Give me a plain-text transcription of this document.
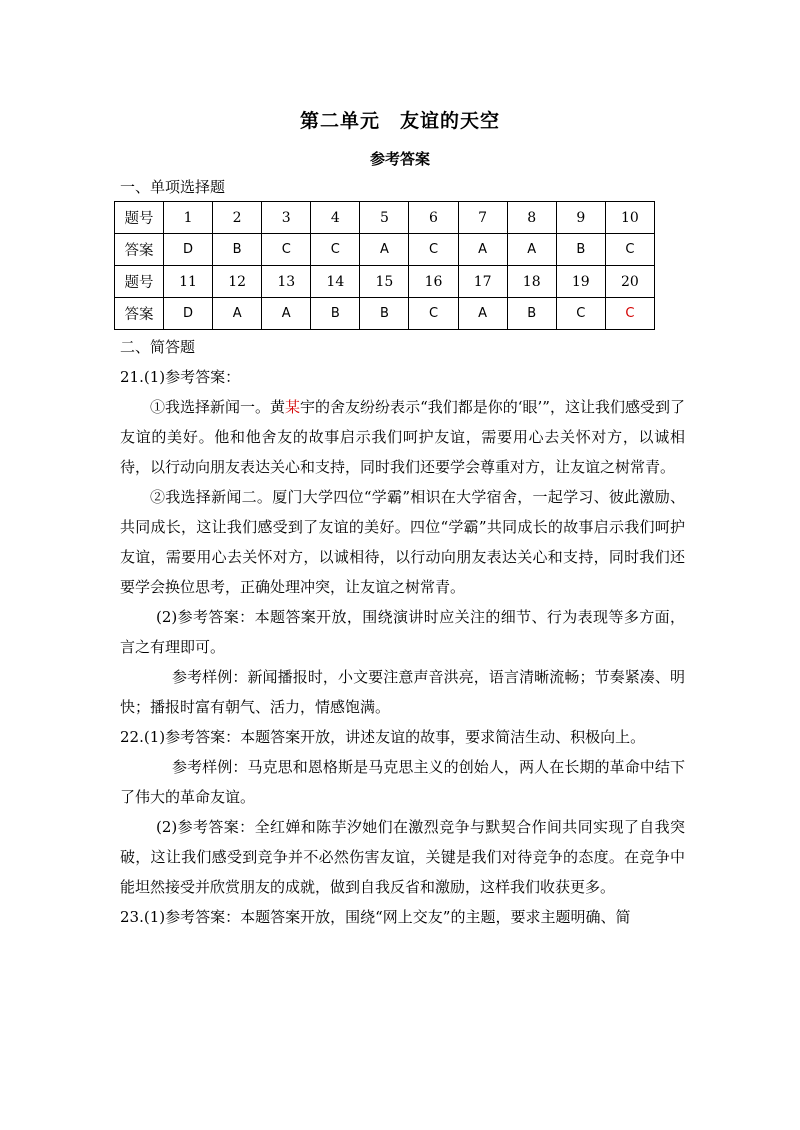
第二单元　友谊的天空
参考答案
一、单项选择题
题号	1	2	3	4	5	6	7	8	9	10
答案	D	B	C	C	A	C	A	A	B	C
题号	11	12	13	14	15	16	17	18	19	20
答案	D	A	A	B	B	C	A	B	C	C
二、简答题

21.(1)参考答案：

①我选择新闻一。黄某宇的舍友纷纷表示“我们都是你的‘眼’”，这让我们感受到了友谊的美好。他和他舍友的故事启示我们呵护友谊，需要用心去关怀对方，以诚相待，以行动向朋友表达关心和支持，同时我们还要学会尊重对方，让友谊之树常青。

②我选择新闻二。厦门大学四位“学霸”相识在大学宿舍，一起学习、彼此激励、共同成长，这让我们感受到了友谊的美好。四位“学霸”共同成长的故事启示我们呵护友谊，需要用心去关怀对方，以诚相待，以行动向朋友表达关心和支持，同时我们还要学会换位思考，正确处理冲突，让友谊之树常青。

(2)参考答案：本题答案开放，围绕演讲时应关注的细节、行为表现等多方面，言之有理即可。

参考样例：新闻播报时，小文要注意声音洪亮，语言清晰流畅；节奏紧凑、明快；播报时富有朝气、活力，情感饱满。

22.(1)参考答案：本题答案开放，讲述友谊的故事，要求简洁生动、积极向上。

参考样例：马克思和恩格斯是马克思主义的创始人，两人在长期的革命中结下了伟大的革命友谊。

(2)参考答案：全红婵和陈芋汐她们在激烈竞争与默契合作间共同实现了自我突破，这让我们感受到竞争并不必然伤害友谊，关键是我们对待竞争的态度。在竞争中能坦然接受并欣赏朋友的成就，做到自我反省和激励，这样我们收获更多。

23.(1)参考答案：本题答案开放，围绕“网上交友”的主题，要求主题明确、简
